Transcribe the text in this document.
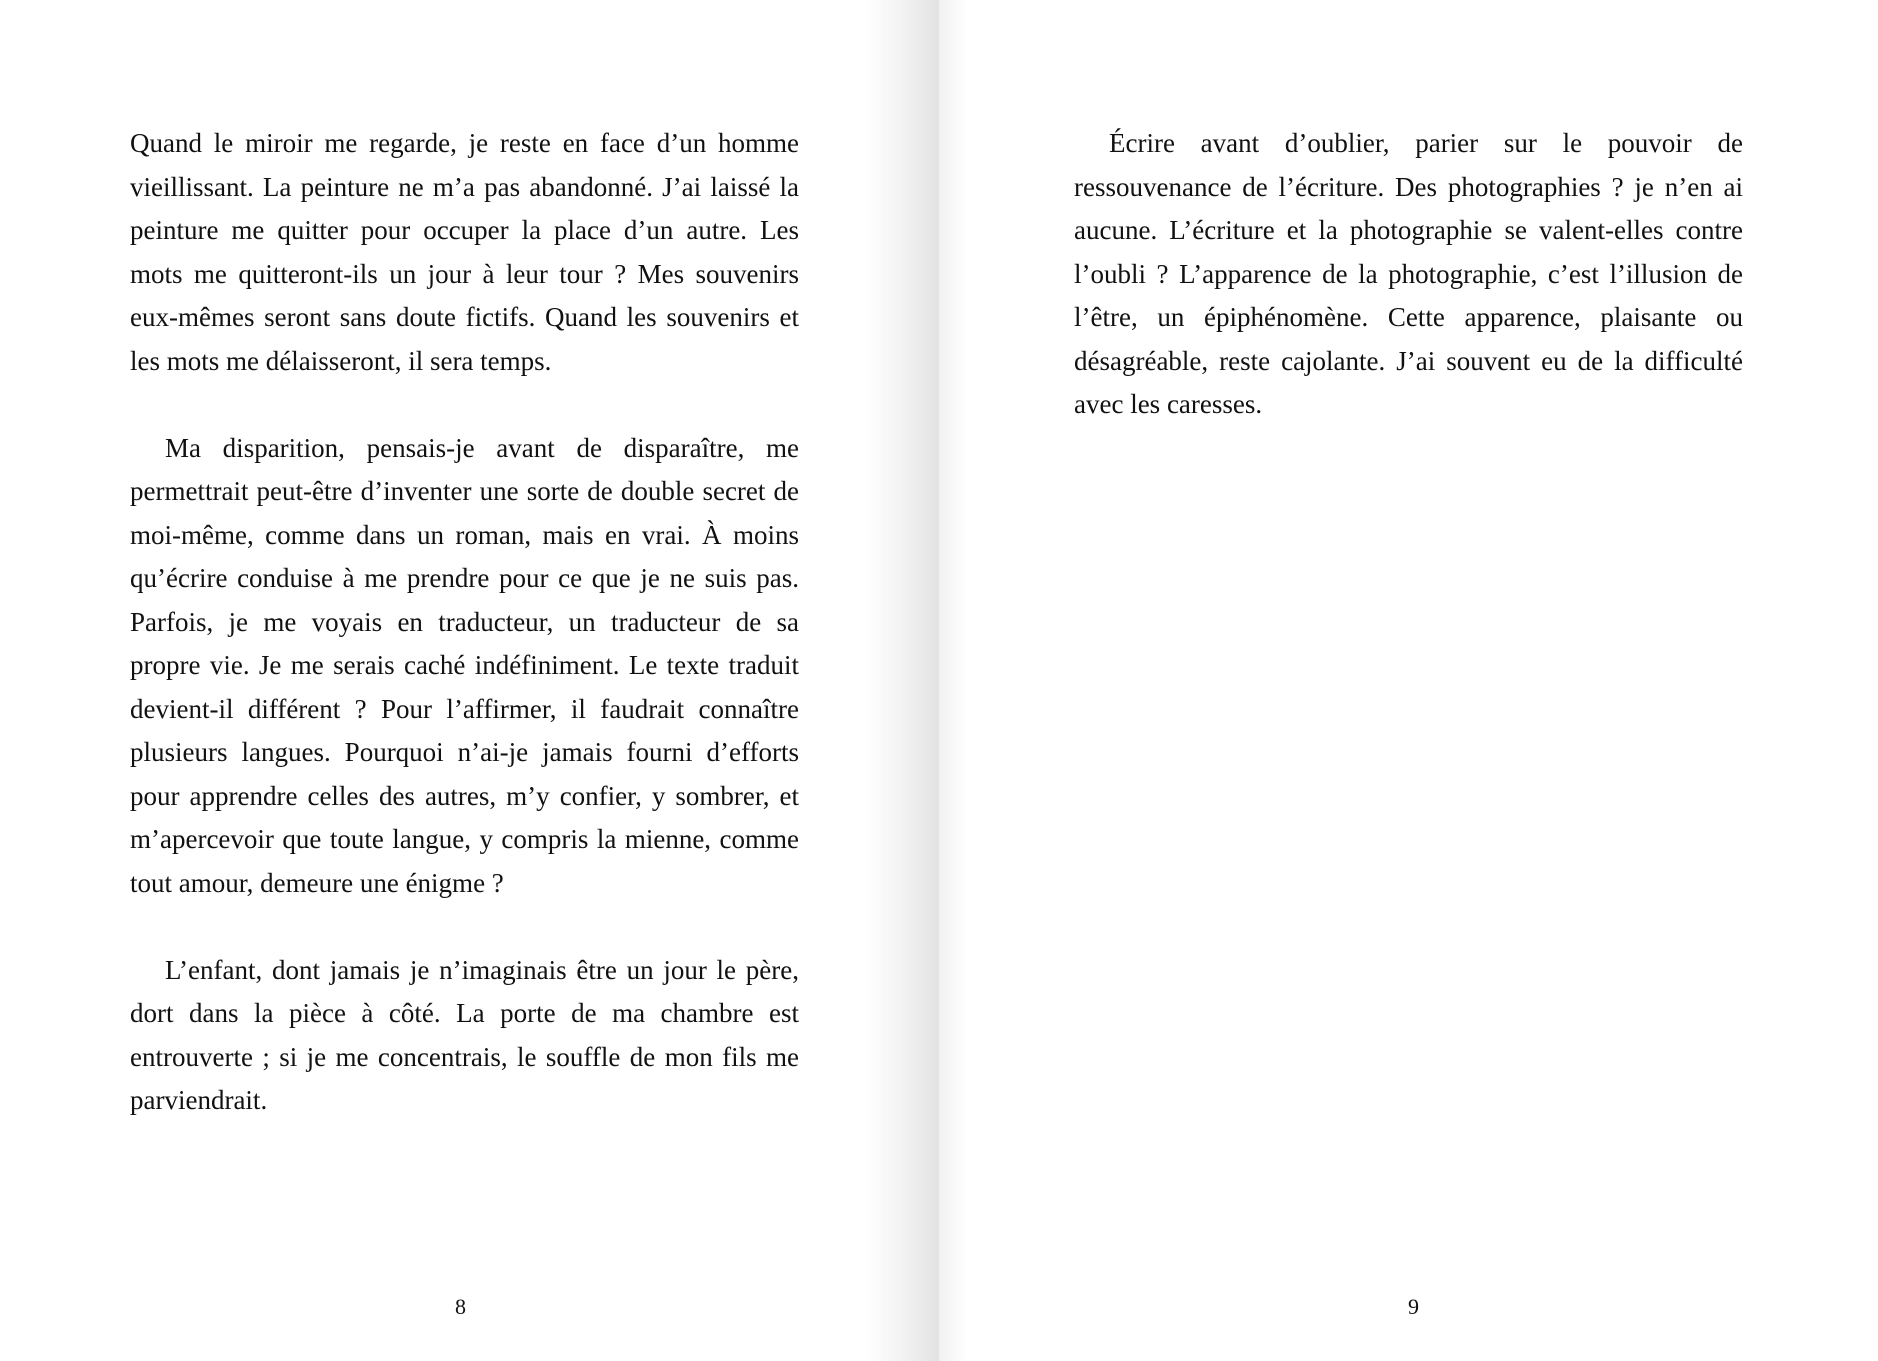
Quand le miroir me regarde, je reste en face d’un homme vieillissant. La peinture ne m’a pas abandonné. J’ai laissé la peinture me quitter pour occuper la place d’un autre. Les mots me quitteront-ils un jour à leur tour ? Mes souvenirs eux-mêmes seront sans doute fictifs. Quand les souvenirs et les mots me délaisseront, il sera temps.

Ma disparition, pensais-je avant de disparaître, me permettrait peut-être d’inventer une sorte de double secret de moi-même, comme dans un roman, mais en vrai. À moins qu’écrire conduise à me prendre pour ce que je ne suis pas. Parfois, je me voyais en traducteur, un traducteur de sa propre vie. Je me serais caché indéfiniment. Le texte traduit devient-il différent ? Pour l’affirmer, il faudrait connaître plusieurs langues. Pourquoi n’ai-je jamais fourni d’efforts pour apprendre celles des autres, m’y confier, y sombrer, et m’apercevoir que toute langue, y compris la mienne, comme tout amour, demeure une énigme ?

L’enfant, dont jamais je n’imaginais être un jour le père, dort dans la pièce à côté. La porte de ma chambre est entrouverte ; si je me concentrais, le souffle de mon fils me parviendrait.

8

Écrire avant d’oublier, parier sur le pouvoir de ressouvenance de l’écriture. Des photographies ? je n’en ai aucune. L’écriture et la photographie se valent-elles contre l’oubli ? L’apparence de la photographie, c’est l’illusion de l’être, un épiphénomène. Cette apparence, plaisante ou désagréable, reste cajolante. J’ai souvent eu de la difficulté avec les caresses.

9
